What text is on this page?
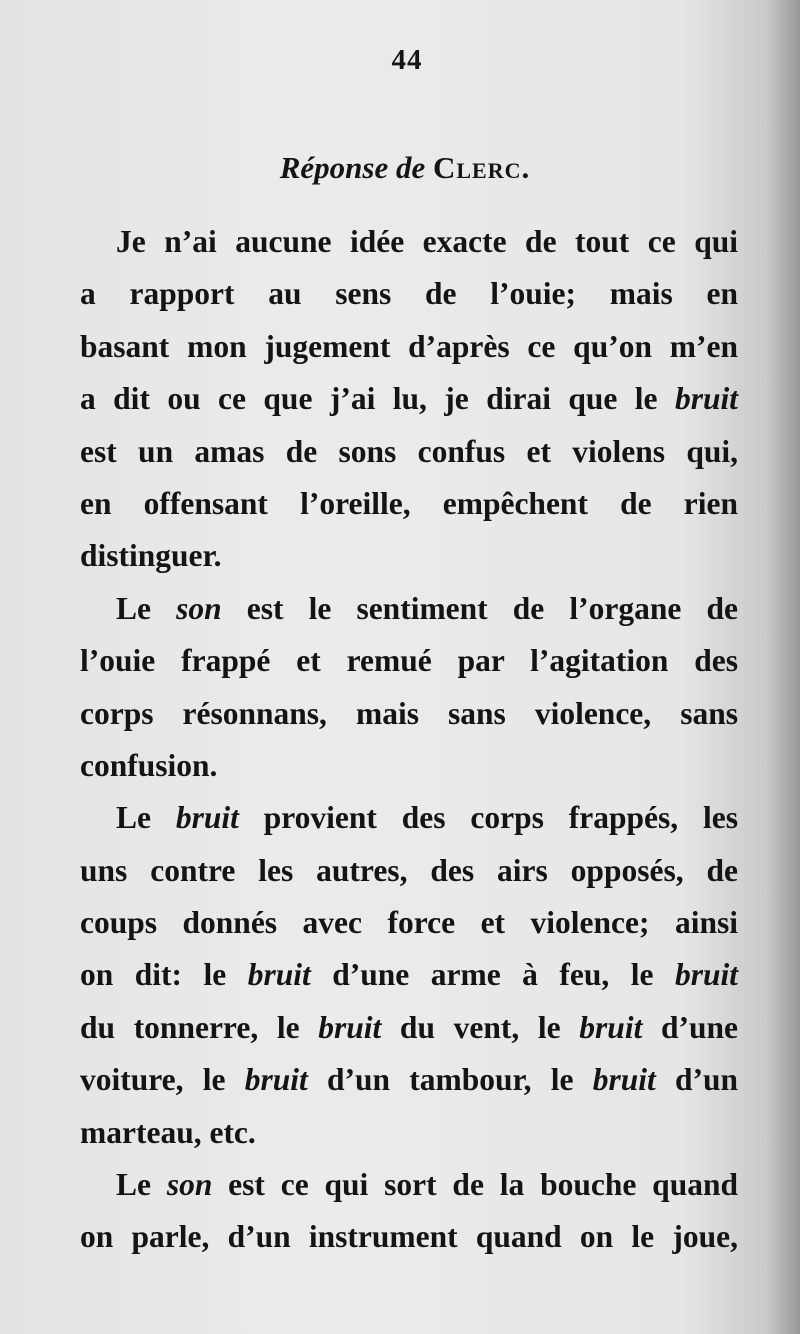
44
Réponse de Clerc.
Je n’ai aucune idée exacte de tout ce qui
a rapport au sens de l’ouie; mais en
basant mon jugement d’après ce qu’on m’en
a dit ou ce que j’ai lu, je dirai que le bruit
est un amas de sons confus et violens qui,
en offensant l’oreille, empêchent de rien
distinguer.
Le son est le sentiment de l’organe de
l’ouie frappé et remué par l’agitation des
corps résonnans, mais sans violence, sans
confusion.
Le bruit provient des corps frappés, les
uns contre les autres, des airs opposés, de
coups donnés avec force et violence; ainsi
on dit: le bruit d’une arme à feu, le bruit
du tonnerre, le bruit du vent, le bruit d’une
voiture, le bruit d’un tambour, le bruit d’un
marteau, etc.
Le son est ce qui sort de la bouche quand
on parle, d’un instrument quand on le joue,
